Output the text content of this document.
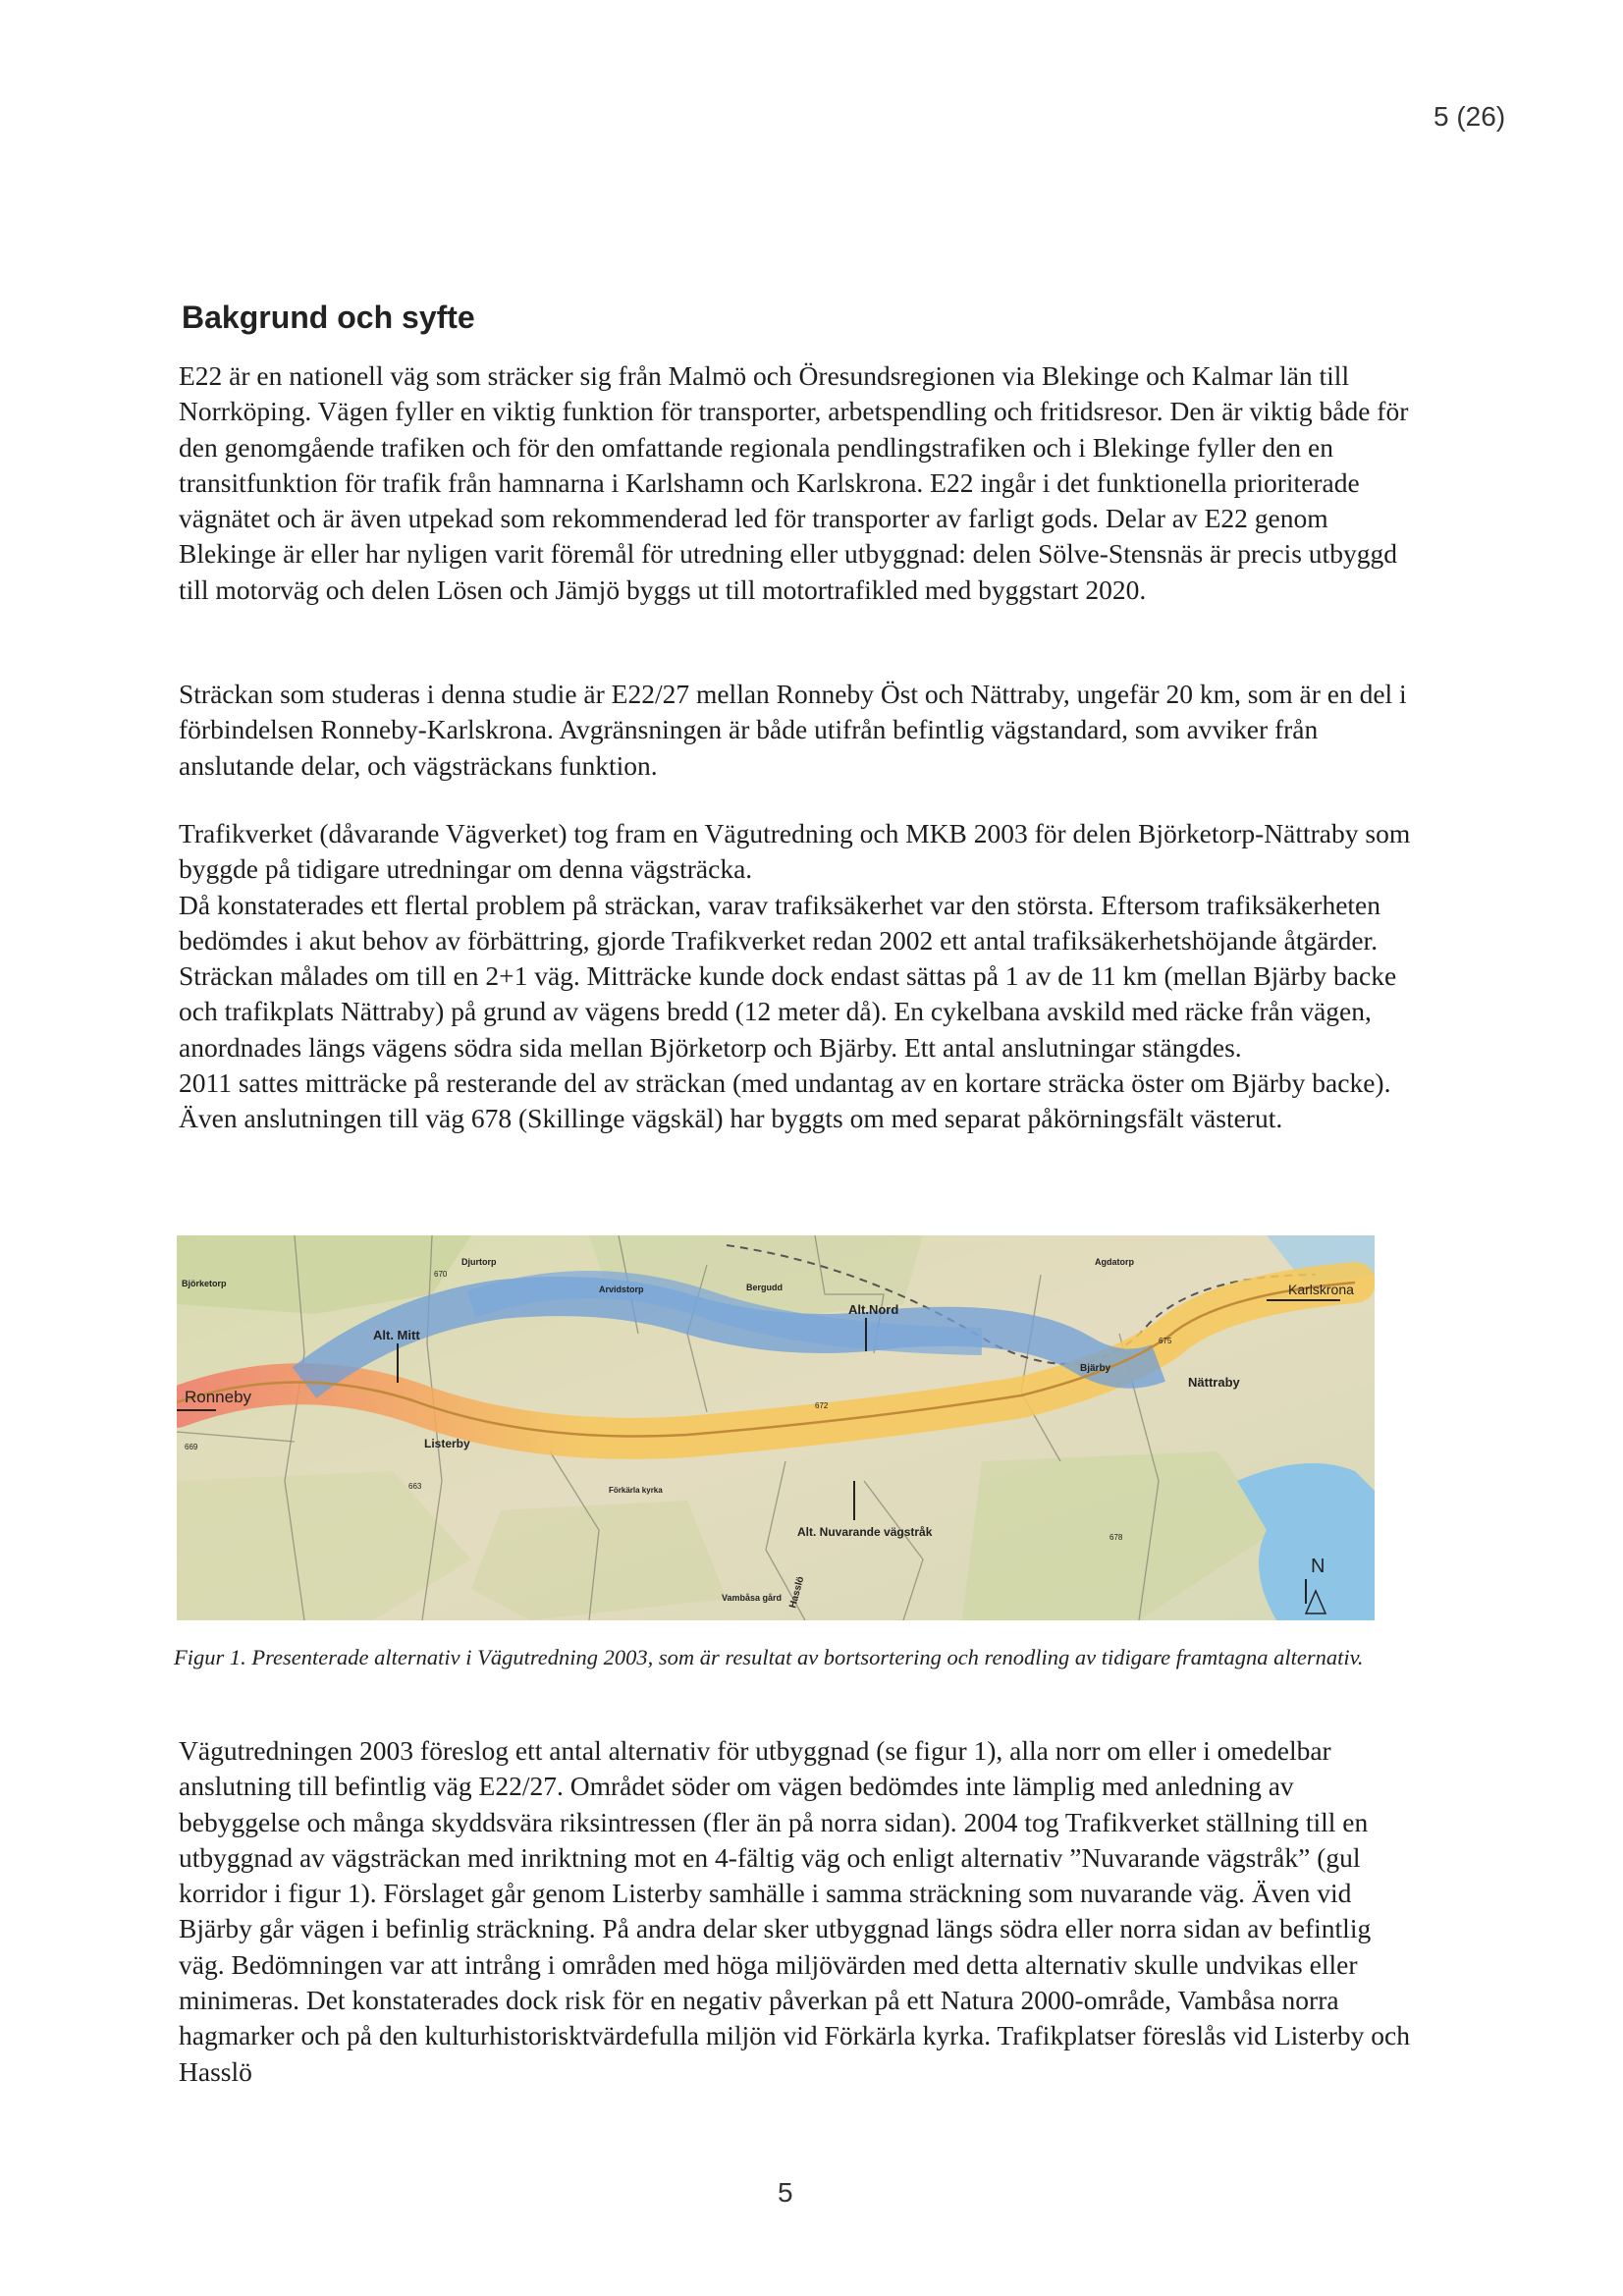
5 (26)
Bakgrund och syfte

E22 är en nationell väg som sträcker sig från Malmö och Öresundsregionen via Blekinge och Kalmar län till Norrköping. Vägen fyller en viktig funktion för transporter, arbetspendling och fritidsresor. Den är viktig både för den genomgående trafiken och för den omfattande regionala pendlingstrafiken och i Blekinge fyller den en transitfunktion för trafik från hamnarna i Karlshamn och Karlskrona. E22 ingår i det funktionella prioriterade vägnätet och är även utpekad som rekommenderad led för transporter av farligt gods. Delar av E22 genom Blekinge är eller har nyligen varit föremål för utredning eller utbyggnad: delen Sölve-Stensnäs är precis utbyggd till motorväg och delen Lösen och Jämjö byggs ut till motortrafikled med byggstart 2020.

Sträckan som studeras i denna studie är E22/27 mellan Ronneby Öst och Nättraby, ungefär 20 km, som är en del i förbindelsen Ronneby-Karlskrona. Avgränsningen är både utifrån befintlig vägstandard, som avviker från anslutande delar, och vägsträckans funktion.

Trafikverket (dåvarande Vägverket) tog fram en Vägutredning och MKB 2003 för delen Björketorp-Nättraby som byggde på tidigare utredningar om denna vägsträcka.

Då konstaterades ett flertal problem på sträckan, varav trafiksäkerhet var den största. Eftersom trafiksäkerheten bedömdes i akut behov av förbättring, gjorde Trafikverket redan 2002 ett antal trafiksäkerhetshöjande åtgärder. Sträckan målades om till en 2+1 väg. Mitträcke kunde dock endast sättas på 1 av de 11 km (mellan Bjärby backe och trafikplats Nättraby) på grund av vägens bredd (12 meter då). En cykelbana avskild med räcke från vägen, anordnades längs vägens södra sida mellan Björketorp och Bjärby. Ett antal anslutningar stängdes.

2011 sattes mitträcke på resterande del av sträckan (med undantag av en kortare sträcka öster om Bjärby backe). Även anslutningen till väg 678 (Skillinge vägskäl) har byggts om med separat påkörningsfält västerut.

Ronneby
Karlskrona
Alt. Mitt
Alt.Nord
Alt. Nuvarande vägstråk
Listerby
Nättraby
Bjärby
Björketorp
Djurtorp
Arvidstorp	Bergudd
Agdatorp
Vambåsa gård
Förkärla kyrka
Hasslö
N
678
672
675
669
663
670

Figur 1. Presenterade alternativ i Vägutredning 2003, som är resultat av bortsortering och renodling av tidigare framtagna alternativ.

Vägutredningen 2003 föreslog ett antal alternativ för utbyggnad (se figur 1), alla norr om eller i omedelbar anslutning till befintlig väg E22/27. Området söder om vägen bedömdes inte lämplig med anledning av bebyggelse och många skyddsvära riksintressen (fler än på norra sidan). 2004 tog Trafikverket ställning till en utbyggnad av vägsträckan med inriktning mot en 4-fältig väg och enligt alternativ ”Nuvarande vägstråk” (gul korridor i figur 1). Förslaget går genom Listerby samhälle i samma sträckning som nuvarande väg. Även vid Bjärby går vägen i befinlig sträckning. På andra delar sker utbyggnad längs södra eller norra sidan av befintlig väg. Bedömningen var att intrång i områden med höga miljövärden med detta alternativ skulle undvikas eller minimeras. Det konstaterades dock risk för en negativ påverkan på ett Natura 2000-område, Vambåsa norra hagmarker och på den kulturhistorisktvärdefulla miljön vid Förkärla kyrka. Trafikplatser föreslås vid Listerby och Hasslö

5
